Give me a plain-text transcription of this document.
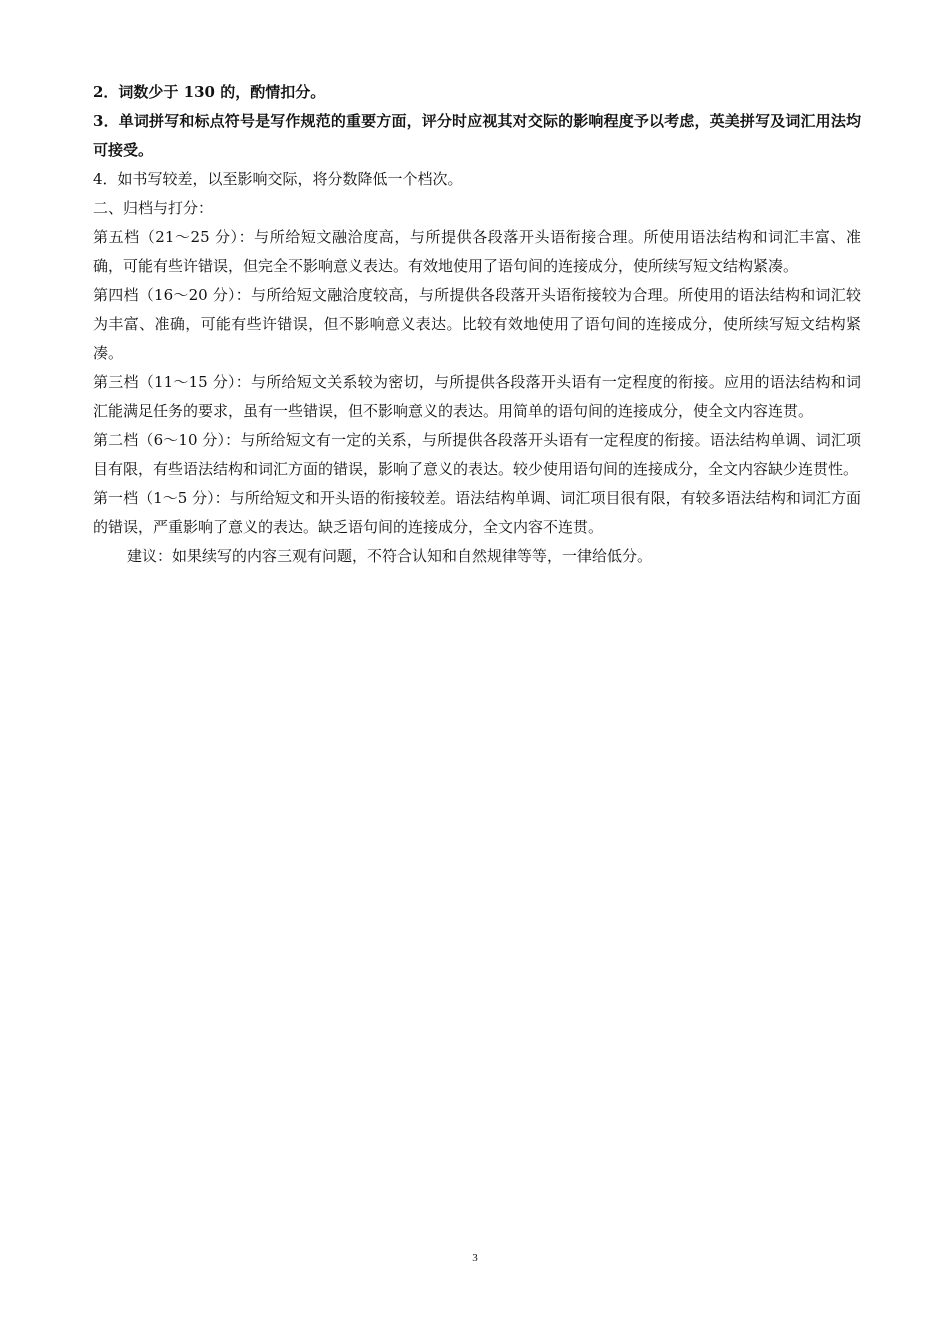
2．词数少于 130 的，酌情扣分。

3．单词拼写和标点符号是写作规范的重要方面，评分时应视其对交际的影响程度予以考虑，英美拼写及词汇用法均可接受。

4．如书写较差，以至影响交际，将分数降低一个档次。

二、归档与打分：

第五档（21～25 分）：与所给短文融洽度高，与所提供各段落开头语衔接合理。所使用语法结构和词汇丰富、准确，可能有些许错误，但完全不影响意义表达。有效地使用了语句间的连接成分，使所续写短文结构紧凑。

第四档（16～20 分）：与所给短文融洽度较高，与所提供各段落开头语衔接较为合理。所使用的语法结构和词汇较为丰富、准确，可能有些许错误，但不影响意义表达。比较有效地使用了语句间的连接成分，使所续写短文结构紧凑。

第三档（11～15 分）：与所给短文关系较为密切，与所提供各段落开头语有一定程度的衔接。应用的语法结构和词汇能满足任务的要求，虽有一些错误，但不影响意义的表达。用简单的语句间的连接成分，使全文内容连贯。

第二档（6～10 分）：与所给短文有一定的关系，与所提供各段落开头语有一定程度的衔接。语法结构单调、词汇项目有限，有些语法结构和词汇方面的错误，影响了意义的表达。较少使用语句间的连接成分，全文内容缺少连贯性。

第一档（1～5 分）：与所给短文和开头语的衔接较差。语法结构单调、词汇项目很有限，有较多语法结构和词汇方面的错误，严重影响了意义的表达。缺乏语句间的连接成分，全文内容不连贯。

建议：如果续写的内容三观有问题，不符合认知和自然规律等等，一律给低分。

3
